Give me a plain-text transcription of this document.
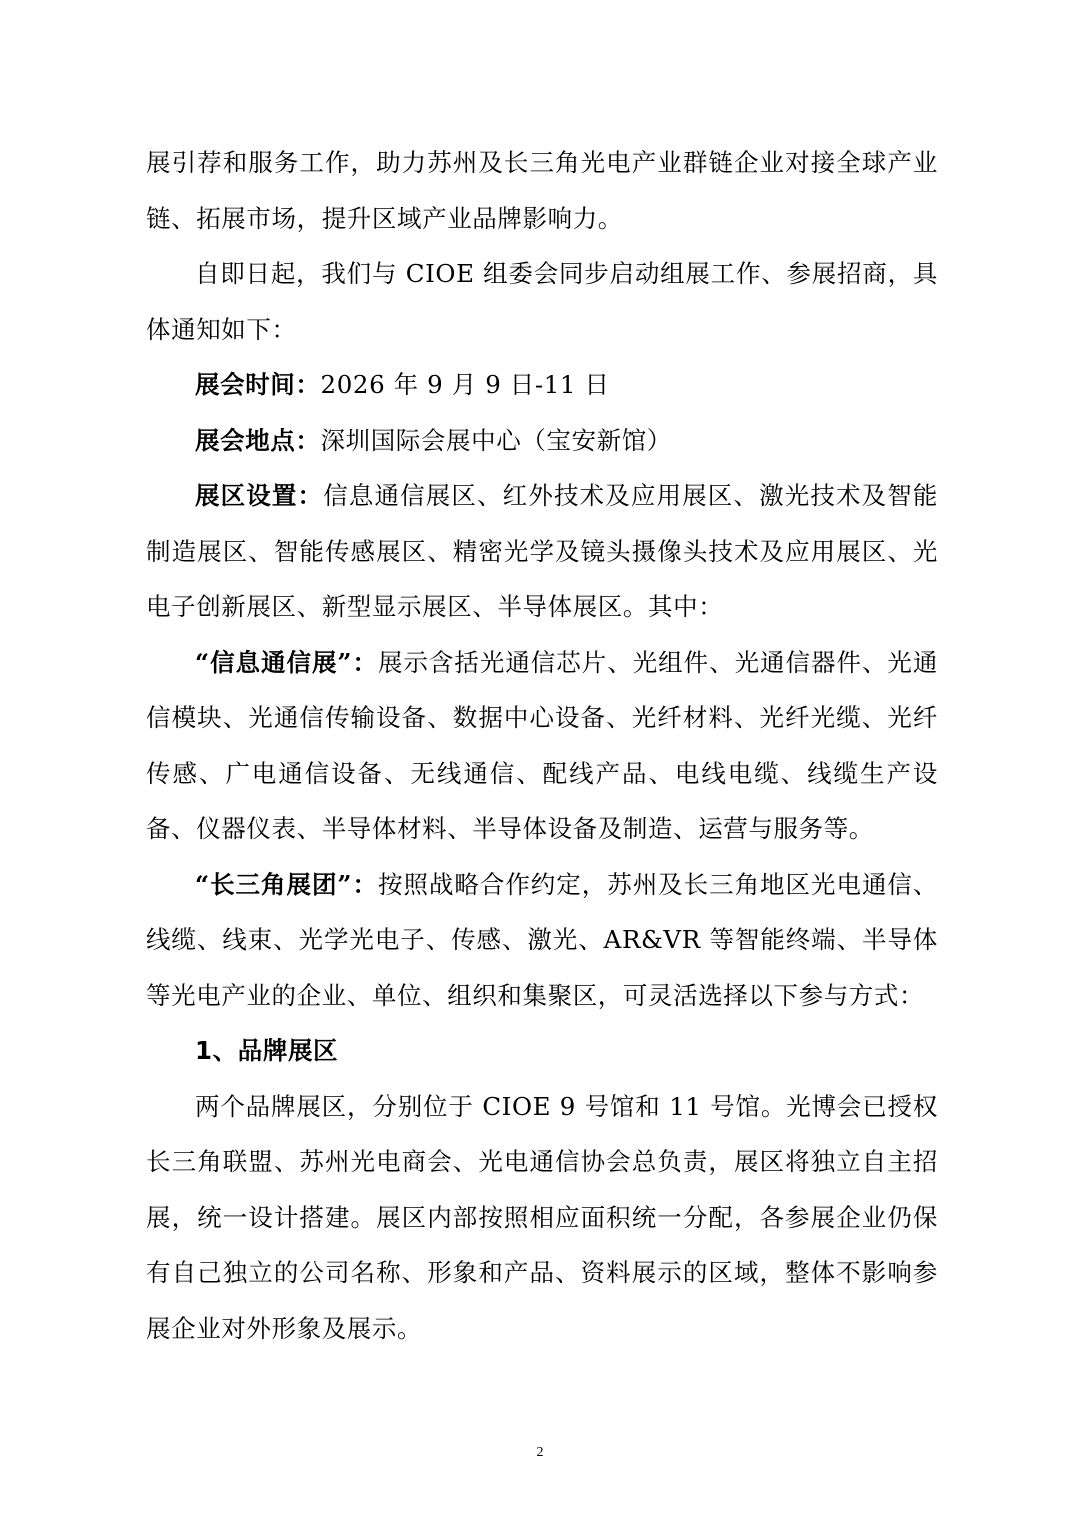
展引荐和服务工作，助力苏州及长三角光电产业群链企业对接全球产业链、拓展市场，提升区域产业品牌影响力。

自即日起，我们与 CIOE 组委会同步启动组展工作、参展招商，具体通知如下：

展会时间：2026 年 9 月 9 日-11 日

展会地点：深圳国际会展中心（宝安新馆）

展区设置：信息通信展区、红外技术及应用展区、激光技术及智能制造展区、智能传感展区、精密光学及镜头摄像头技术及应用展区、光电子创新展区、新型显示展区、半导体展区。其中：

“信息通信展”：展示含括光通信芯片、光组件、光通信器件、光通信模块、光通信传输设备、数据中心设备、光纤材料、光纤光缆、光纤传感、广电通信设备、无线通信、配线产品、电线电缆、线缆生产设备、仪器仪表、半导体材料、半导体设备及制造、运营与服务等。

“长三角展团”：按照战略合作约定，苏州及长三角地区光电通信、线缆、线束、光学光电子、传感、激光、AR&VR 等智能终端、半导体等光电产业的企业、单位、组织和集聚区，可灵活选择以下参与方式：

1、品牌展区

两个品牌展区，分别位于 CIOE 9 号馆和 11 号馆。光博会已授权长三角联盟、苏州光电商会、光电通信协会总负责，展区将独立自主招展，统一设计搭建。展区内部按照相应面积统一分配，各参展企业仍保有自己独立的公司名称、形象和产品、资料展示的区域，整体不影响参展企业对外形象及展示。

2
